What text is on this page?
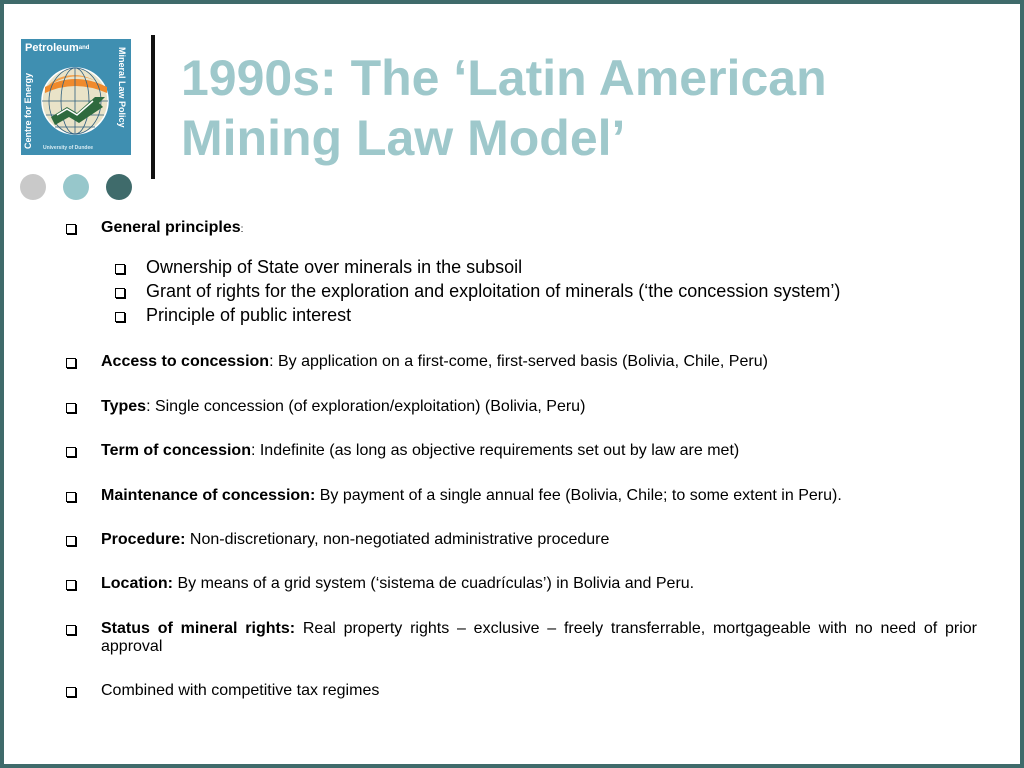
Petroleum$^{and}$
Centre for Energy	Mineral Law Policy
University of Dundee
1990s: The ‘Latin American Mining Law Model’
General principles:
Ownership of State over minerals in the subsoil
Grant of rights for the exploration and exploitation of minerals (‘the concession system’)
Principle of public interest
Access to concession: By application on a first-come, first-served basis (Bolivia, Chile, Peru)
Types: Single concession (of exploration/exploitation) (Bolivia, Peru)
Term of concession: Indefinite (as long as objective requirements set out by law are met)
Maintenance of concession: By payment of a single annual fee (Bolivia, Chile; to some extent in Peru).
Procedure: Non-discretionary, non-negotiated administrative procedure
Location: By means of a grid system (‘sistema de cuadrículas’) in Bolivia and Peru.
Status of mineral rights: Real property rights – exclusive – freely transferrable, mortgageable with no need of prior approval
Combined with competitive tax regimes
